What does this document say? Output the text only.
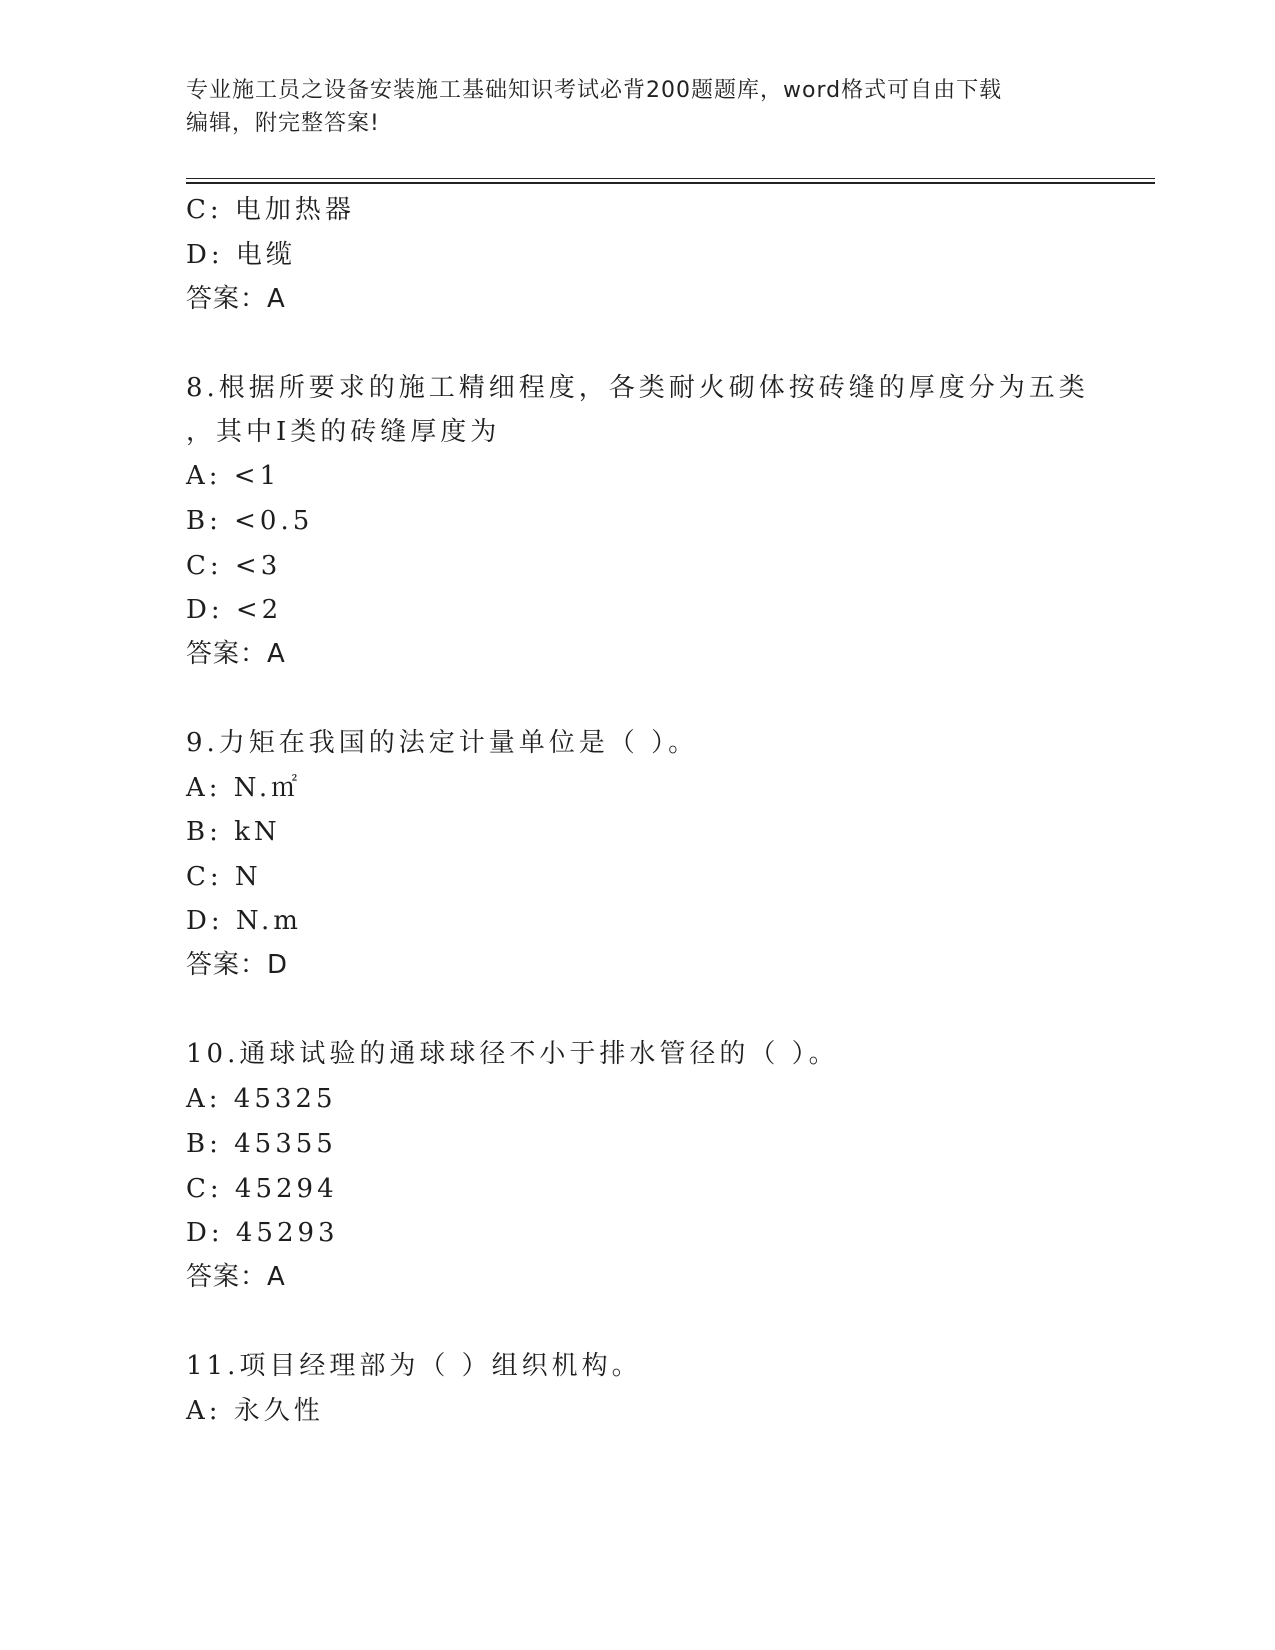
专业施工员之设备安装施工基础知识考试必背200题题库，word格式可自由下载
编辑，附完整答案!
C: 电加热器
D: 电缆
答案：A
8.根据所要求的施工精细程度，各类耐火砌体按砖缝的厚度分为五类
，其中Ⅰ类的砖缝厚度为
A: <1
B: <0.5
C: <3
D: <2
答案：A
9.力矩在我国的法定计量单位是（ ）。
A: N.㎡
B: kN
C: N
D: N.m
答案：D
10.通球试验的通球球径不小于排水管径的（ ）。
A: 45325
B: 45355
C: 45294
D: 45293
答案：A
11.项目经理部为（ ）组织机构。
A: 永久性
